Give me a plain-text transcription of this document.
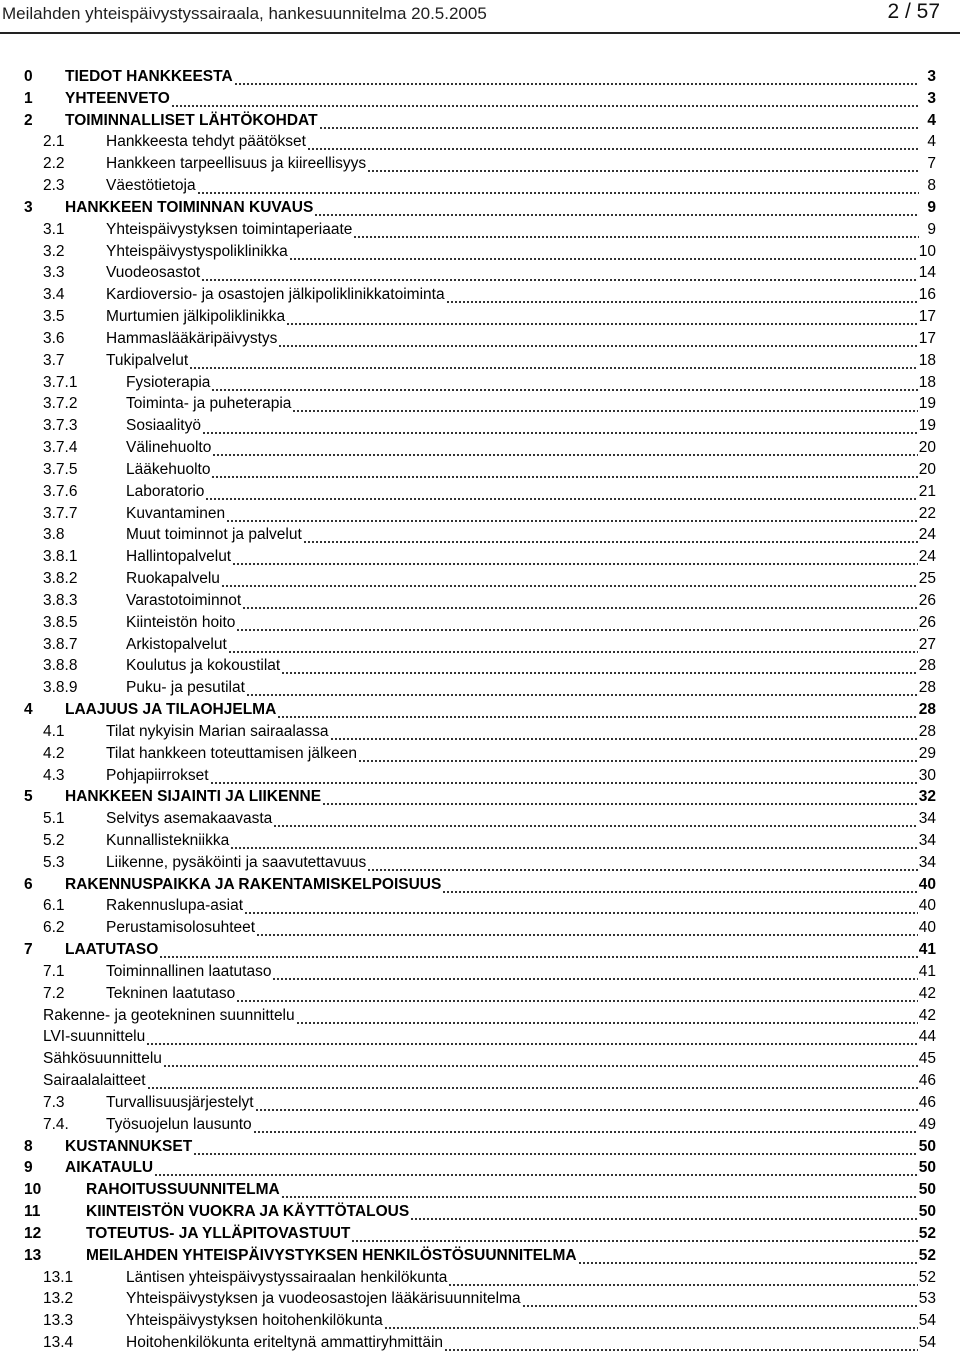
Meilahden yhteispäivystyssairaala, hankesuunnitelma 20.5.2005	2 / 57
0 TIEDOT HANKKEESTA	3
1 YHTEENVETO	3
2 TOIMINNALLISET LÄHTÖKOHDAT	4
2.1	Hankkeesta tehdyt päätökset	4
2.2	Hankkeen tarpeellisuus ja kiireellisyys	7
2.3	Väestötietoja	8
3 HANKKEEN TOIMINNAN KUVAUS	9
3.1	Yhteispäivystyksen toimintaperiaate	9
3.2	Yhteispäivystyspoliklinikka	10
3.3	Vuodeosastot	14
3.4	Kardioversio- ja osastojen jälkipoliklinikkatoiminta	16
3.5	Murtumien jälkipoliklinikka	17
3.6	Hammaslääkäripäivystys	17
3.7	Tukipalvelut	18
3.7.1	Fysioterapia	18
3.7.2	Toiminta- ja puheterapia	19
3.7.3	Sosiaalityö	19
3.7.4	Välinehuolto	20
3.7.5	Lääkehuolto	20
3.7.6	Laboratorio	21
3.7.7	Kuvantaminen	22
3.8	Muut toiminnot ja palvelut	24
3.8.1	Hallintopalvelut	24
3.8.2	Ruokapalvelu	25
3.8.3	Varastotoiminnot	26
3.8.5	Kiinteistön hoito	26
3.8.7	Arkistopalvelut	27
3.8.8	Koulutus ja kokoustilat	28
3.8.9	Puku- ja pesutilat	28
4 LAAJUUS JA TILAOHJELMA	28
4.1	Tilat nykyisin Marian sairaalassa	28
4.2	Tilat hankkeen toteuttamisen jälkeen	29
4.3	Pohjapiirrokset	30
5 HANKKEEN SIJAINTI JA LIIKENNE	32
5.1	Selvitys asemakaavasta	34
5.2	Kunnallistekniikka	34
5.3	Liikenne, pysäköinti ja saavutettavuus	34
6 RAKENNUSPAIKKA JA RAKENTAMISKELPOISUUS	40
6.1	Rakennuslupa-asiat	40
6.2	Perustamisolosuhteet	40
7 LAATUTASO	41
7.1	Toiminnallinen laatutaso	41
7.2	Tekninen laatutaso	42
Rakenne- ja geotekninen suunnittelu	42
LVI-suunnittelu	44
Sähkösuunnittelu	45
Sairaalalaitteet	46
7.3	Turvallisuusjärjestelyt	46
7.4. Työsuojelun lausunto	49
8 KUSTANNUKSET	50
9 AIKATAULU	50
10	RAHOITUSSUUNNITELMA	50
11	KIINTEISTÖN VUOKRA JA KÄYTTÖTALOUS	50
12	TOTEUTUS- JA YLLÄPITOVASTUUT	52
13	MEILAHDEN YHTEISPÄIVYSTYKSEN HENKILÖSTÖSUUNNITELMA	52
13.1	Läntisen yhteispäivystyssairaalan henkilökunta	52
13.2	Yhteispäivystyksen ja vuodeosastojen lääkärisuunnitelma	53
13.3	Yhteispäivystyksen hoitohenkilökunta	54
13.4	Hoitohenkilökunta eriteltynä ammattiryhmittäin	54
